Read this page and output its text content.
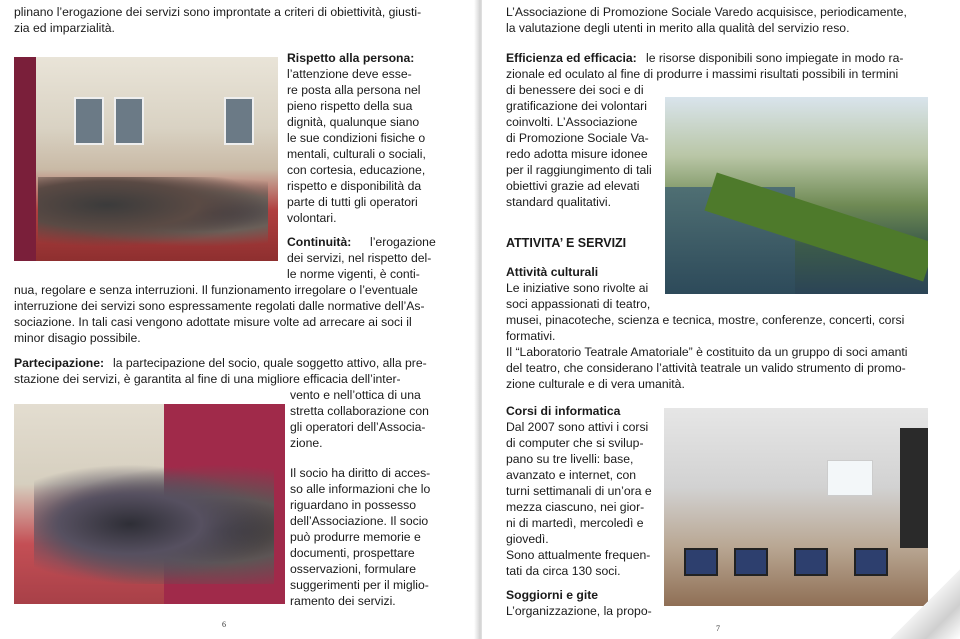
plinano l’erogazione dei servizi sono improntate a criteri di obiettività, giusti-

zia ed imparzialità.

Rispetto alla persona:

l’attenzione deve esse-

re posta alla persona nel

pieno rispetto della sua

dignità, qualunque siano

le sue condizioni fisiche o

mentali, culturali o sociali,

con cortesia, educazione,

rispetto e disponibilità da

parte di tutti gli operatori

volontari.

Continuità: l’erogazione

dei servizi, nel rispetto del-

le norme vigenti, è conti-

nua, regolare e senza interruzioni. Il funzionamento irregolare o l’eventuale

interruzione dei servizi sono espressamente regolati dalle normative dell’As-

sociazione. In tali casi vengono adottate misure volte ad arrecare ai soci il

minor disagio possibile.

Partecipazione: la partecipazione del socio, quale soggetto attivo, alla pre-

stazione dei servizi, è garantita al fine di una migliore efficacia dell’inter-

vento e nell’ottica di una

stretta collaborazione con

gli operatori dell’Associa-

zione.

Il socio ha diritto di acces-

so alle informazioni che lo

riguardano in possesso

dell’Associazione. Il socio

può produrre memorie e

documenti, prospettare

osservazioni, formulare

suggerimenti per il miglio-

ramento dei servizi.

6

L’Associazione di Promozione Sociale Varedo acquisisce, periodicamente,

la valutazione degli utenti in merito alla qualità del servizio reso.

Efficienza ed efficacia: le risorse disponibili sono impiegate in modo ra-

zionale ed oculato al fine di produrre i massimi risultati possibili in termini

di benessere dei soci e di

gratificazione dei volontari

coinvolti. L’Associazione

di Promozione Sociale Va-

redo adotta misure idonee

per il raggiungimento di tali

obiettivi grazie ad elevati

standard qualitativi.

ATTIVITA’ E SERVIZI

Attività culturali

Le iniziative sono rivolte ai

soci appassionati di teatro,

musei, pinacoteche, scienza e tecnica, mostre, conferenze, concerti, corsi

formativi.

Il “Laboratorio Teatrale Amatoriale” è costituito da un gruppo di soci amanti

del teatro, che considerano l’attività teatrale un valido strumento di promo-

zione culturale e di vera umanità.

Corsi di informatica

Dal 2007 sono attivi i corsi

di computer che si svilup-

pano su tre livelli: base,

avanzato e internet, con

turni settimanali di un’ora e

mezza ciascuno, nei gior-

ni di martedì, mercoledì e

giovedì.

Sono attualmente frequen-

tati da circa 130 soci.

Soggiorni e gite

L’organizzazione, la propo-

7
